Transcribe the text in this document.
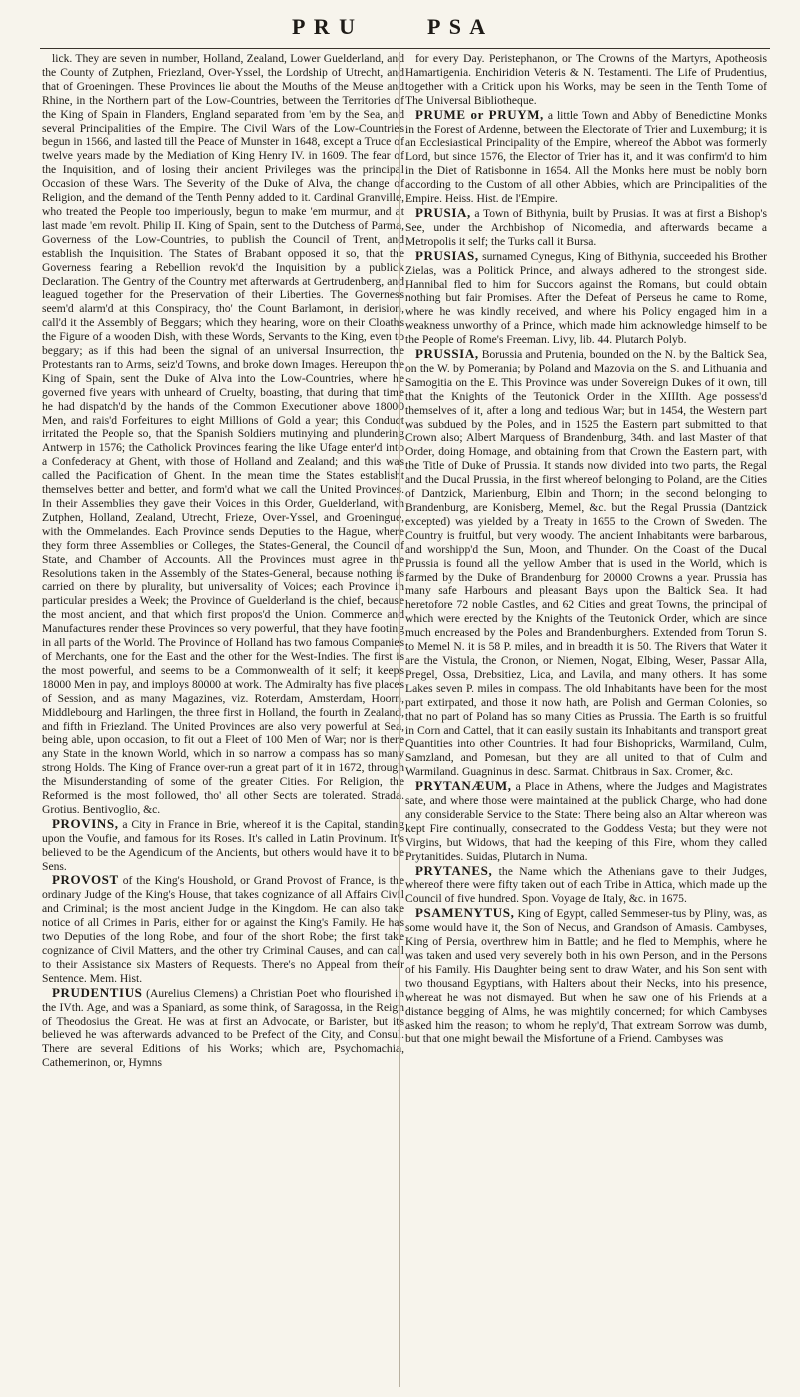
P R U	P S A

lick. They are seven in number, Holland, Zealand, Lower Guelderland, and the County of Zutphen, Friezland, Over-Yssel, the Lordship of Utrecht, and that of Groeningen. These Provinces lie about the Mouths of the Meuse and Rhine, in the Northern part of the Low-Countries, between the Territories of the King of Spain in Flanders, England separated from 'em by the Sea, and several Principalities of the Empire. The Civil Wars of the Low-Countries begun in 1566, and lasted till the Peace of Munster in 1648, except a Truce of twelve years made by the Mediation of King Henry IV. in 1609. The fear of the Inquisition, and of losing their ancient Privileges was the principal Occasion of these Wars. The Severity of the Duke of Alva, the change of Religion, and the demand of the Tenth Penny added to it. Cardinal Granville, who treated the People too imperiously, begun to make 'em murmur, and at last made 'em revolt. Philip II. King of Spain, sent to the Dutchess of Parma, Governess of the Low-Countries, to publish the Council of Trent, and establish the Inquisition. The States of Brabant opposed it so, that the Governess fearing a Rebellion revok'd the Inquisition by a publick Declaration. The Gentry of the Country met afterwards at Gertrudenberg, and leagued together for the Preservation of their Liberties. The Governess seem'd alarm'd at this Conspiracy, tho' the Count Barlamont, in derision, call'd it the Assembly of Beggars; which they hearing, wore on their Cloaths the Figure of a wooden Dish, with these Words, Servants to the King, even to beggary; as if this had been the signal of an universal Insurrection, the Protestants ran to Arms, seiz'd Towns, and broke down Images. Hereupon the King of Spain, sent the Duke of Alva into the Low-Countries, where he governed five years with unheard of Cruelty, boasting, that during that time he had dispatch'd by the hands of the Common Executioner above 18000 Men, and rais'd Forfeitures to eight Millions of Gold a year; this Conduct irritated the People so, that the Spanish Soldiers mutinying and plundering Antwerp in 1576; the Catholick Provinces fearing the like Ufage enter'd into a Confederacy at Ghent, with those of Holland and Zealand; and this was called the Pacification of Ghent. In the mean time the States establisht themselves better and better, and form'd what we call the United Provinces. In their Assemblies they gave their Voices in this Order, Guelderland, with Zutphen, Holland, Zealand, Utrecht, Frieze, Over-Yssel, and Groeningue, with the Ommelandes. Each Province sends Deputies to the Hague, where they form three Assemblies or Colleges, the States-General, the Council of State, and Chamber of Accounts. All the Provinces must agree in the Resolutions taken in the Assembly of the States-General, because nothing is carried on there by plurality, but universality of Voices; each Province in particular presides a Week; the Province of Guelderland is the chief, because the most ancient, and that which first propos'd the Union. Commerce and Manufactures render these Provinces so very powerful, that they have footing in all parts of the World. The Province of Holland has two famous Companies of Merchants, one for the East and the other for the West-Indies. The first is the most powerful, and seems to be a Commonwealth of it self; it keeps 18000 Men in pay, and imploys 80000 at work. The Admiralty has five places of Session, and as many Magazines, viz. Roterdam, Amsterdam, Hoorn, Middlebourg and Harlingen, the three first in Holland, the fourth in Zealand, and fifth in Friezland. The United Provinces are also very powerful at Sea, being able, upon occasion, to fit out a Fleet of 100 Men of War; nor is there any State in the known World, which in so narrow a compass has so many strong Holds. The King of France over-run a great part of it in 1672, through the Misunderstanding of some of the greater Cities. For Religion, the Reformed is the most followed, tho' all other Sects are tolerated. Strada. Grotius. Bentivoglio, &c.

PROVINS, a City in France in Brie, whereof it is the Capital, standing upon the Voufie, and famous for its Roses. It's called in Latin Provinum. It's believed to be the Agendicum of the Ancients, but others would have it to be Sens.

PROVOST of the King's Houshold, or Grand Provost of France, is the ordinary Judge of the King's House, that takes cognizance of all Affairs Civil and Criminal; is the most ancient Judge in the Kingdom. He can also take notice of all Crimes in Paris, either for or against the King's Family. He has two Deputies of the long Robe, and four of the short Robe; the first take cognizance of Civil Matters, and the other try Criminal Causes, and can call to their Assistance six Masters of Requests. There's no Appeal from their Sentence. Mem. Hist.

PRUDENTIUS (Aurelius Clemens) a Christian Poet who flourished in the IVth. Age, and was a Spaniard, as some think, of Saragossa, in the Reign of Theodosius the Great. He was at first an Advocate, or Barister, but its believed he was afterwards advanced to be Prefect of the City, and Consul. There are several Editions of his Works; which are, Psychomachia, Cathemerinon, or, Hymns

for every Day. Peristephanon, or The Crowns of the Martyrs, Apotheosis Hamartigenia. Enchiridion Veteris & N. Testamenti. The Life of Prudentius, together with a Critick upon his Works, may be seen in the Tenth Tome of The Universal Bibliotheque.

PRUME or PRUYM, a little Town and Abby of Benedictine Monks in the Forest of Ardenne, between the Electorate of Trier and Luxemburg; it is an Ecclesiastical Principality of the Empire, whereof the Abbot was formerly Lord, but since 1576, the Elector of Trier has it, and it was confirm'd to him in the Diet of Ratisbonne in 1654. All the Monks here must be nobly born according to the Custom of all other Abbies, which are Principalities of the Empire. Heiss. Hist. de l'Empire.

PRUSIA, a Town of Bithynia, built by Prusias. It was at first a Bishop's See, under the Archbishop of Nicomedia, and afterwards became a Metropolis it self; the Turks call it Bursa.

PRUSIAS, surnamed Cynegus, King of Bithynia, succeeded his Brother Zielas, was a Politick Prince, and always adhered to the strongest side. Hannibal fled to him for Succors against the Romans, but could obtain nothing but fair Promises. After the Defeat of Perseus he came to Rome, where he was kindly received, and where his Policy engaged him in a weakness unworthy of a Prince, which made him acknowledge himself to be the People of Rome's Freeman. Livy, lib. 44. Plutarch Polyb.

PRUSSIA, Borussia and Prutenia, bounded on the N. by the Baltick Sea, on the W. by Pomerania; by Poland and Mazovia on the S. and Lithuania and Samogitia on the E. This Province was under Sovereign Dukes of it own, till that the Knights of the Teutonick Order in the XIIIth. Age possess'd themselves of it, after a long and tedious War; but in 1454, the Western part was subdued by the Poles, and in 1525 the Eastern part submitted to that Crown also; Albert Marquess of Brandenburg, 34th. and last Master of that Order, doing Homage, and obtaining from that Crown the Eastern part, with the Title of Duke of Prussia. It stands now divided into two parts, the Regal and the Ducal Prussia, in the first whereof belonging to Poland, are the Cities of Dantzick, Marienburg, Elbin and Thorn; in the second belonging to Brandenburg, are Konisberg, Memel, &c. but the Regal Prussia (Dantzick excepted) was yielded by a Treaty in 1655 to the Crown of Sweden. The Country is fruitful, but very woody. The ancient Inhabitants were barbarous, and worshipp'd the Sun, Moon, and Thunder. On the Coast of the Ducal Prussia is found all the yellow Amber that is used in the World, which is farmed by the Duke of Brandenburg for 20000 Crowns a year. Prussia has many safe Harbours and pleasant Bays upon the Baltick Sea. It had heretofore 72 noble Castles, and 62 Cities and great Towns, the principal of which were erected by the Knights of the Teutonick Order, which are since much encreased by the Poles and Brandenburghers. Extended from Torun S. to Memel N. it is 58 P. miles, and in breadth it is 50. The Rivers that Water it are the Vistula, the Cronon, or Niemen, Nogat, Elbing, Weser, Passar Alla, Pregel, Ossa, Drebsitiez, Lica, and Lavila, and many others. It has some Lakes seven P. miles in compass. The old Inhabitants have been for the most part extirpated, and those it now hath, are Polish and German Colonies, so that no part of Poland has so many Cities as Prussia. The Earth is so fruitful in Corn and Cattel, that it can easily sustain its Inhabitants and transport great Quantities into other Countries. It had four Bishopricks, Warmiland, Culm, Samzland, and Pomesan, but they are all united to that of Culm and Warmiland. Guagninus in desc. Sarmat. Chitbraus in Sax. Cromer, &c.

PRYTANÆUM, a Place in Athens, where the Judges and Magistrates sate, and where those were maintained at the publick Charge, who had done any considerable Service to the State: There being also an Altar whereon was kept Fire continually, consecrated to the Goddess Vesta; but they were not Virgins, but Widows, that had the keeping of this Fire, whom they called Prytanitides. Suidas, Plutarch in Numa.

PRYTANES, the Name which the Athenians gave to their Judges, whereof there were fifty taken out of each Tribe in Attica, which made up the Council of five hundred. Spon. Voyage de Italy, &c. in 1675.

PSAMENYTUS, King of Egypt, called Semmeser-tus by Pliny, was, as some would have it, the Son of Necus, and Grandson of Amasis. Cambyses, King of Persia, overthrew him in Battle; and he fled to Memphis, where he was taken and used very severely both in his own Person, and in the Persons of his Family. His Daughter being sent to draw Water, and his Son sent with two thousand Egyptians, with Halters about their Necks, into his presence, whereat he was not dismayed. But when he saw one of his Friends at a distance begging of Alms, he was mightily concerned; for which Cambyses asked him the reason; to whom he reply'd, That extream Sorrow was dumb, but that one might bewail the Misfortune of a Friend. Cambyses was
